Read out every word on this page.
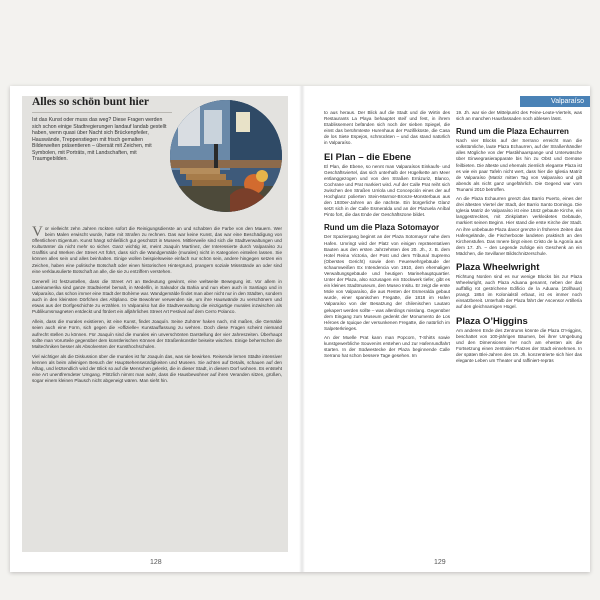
Alles so schön bunt hier

Ist das Kunst oder muss das weg? Diese Fragen werden sich schon einige Stadtregierungen landauf landab gestellt haben, wenn quasi über Nacht sich Brückenpfeiler, Hauswände, Treppenstiegen mit frisch gemalten Bilderwelten präsentieren – übersät mit Zeichen, mit Symbolen, mit Porträts, mit Landschaften, mit Traumgebilden.

Vor vielleicht zehn Jahren rückten sofort die Reinigungsdienste an und schabten die Farbe von den Mauern. Wer beim Malen erwischt wurde, hatte mit Strafen zu rechnen. Das war keine Kunst, das war eine Beschädigung von öffentlichem Eigentum. Kunst hängt schließlich gut geschützt in Museen. Mittlerweile sind sich die Stadtverwaltungen und Kulturämter da nicht mehr so sicher. Ganz wichtig ist, meint Joaquín Martínez, der Interessierte durch Valparaíso zu Graffitis und Werken der Street Art führt, dass sich die Wandgemälde (murales) nicht in Kategorien einteilen lassen. Sie können alles sein und alles beinhalten. Einige wollen beispielsweise einfach nur schön sein, andere hingegen setzen ein Zeichen, haben eine politische Botschaft oder einen historischen Hintergrund, prangern soziale Missstände an oder sind eine verklausulierte Botschaft an alle, die sie zu entziffern verstehen.

Generell ist festzustellen, dass die Street Art an Bedeutung gewinnt, eine weltweite Bewegung ist. Vor allem in Lateinamerika sind ganze Stadtviertel bemalt, in Medellín, in Salvador da Bahia und nun eben auch in Santiago und in Valparaíso, das schon immer eine Stadt der Bohème war. Wandgemälde findet man aber nicht nur in den Städten, sondern auch in den kleinsten Dörfchen des Altiplano. Die Bewohner verwenden sie, um ihre Hauswände zu verschönern und etwas aus der Dorfgeschichte zu erzählen. In Valparaíso hat die Stadtverwaltung die einzigartige murales inzwischen als Publikumsmagneten entdeckt und fördert ein alljährliches Street Art Festival auf dem Cerro Polanco.

Allein, dass die murales existieren, ist eine Kunst, findet Joaquín. Seine Zuhörer haken nach, mit maßen, die Gemälde seien auch eine Form, sich gegen die »offizielle« Kunstauffassung zu wehren. Doch diese Fragen scheint niemand aufrecht stellen zu können. Für Joaquín sind die murales ein unverschönten Darstellung der vier Jahreszeiten. Überhaupt sollte man Vorurteile gegenüber dem künstlerischen Können der Straßenkünstler beiseite wischen. Einige beherrschen die Maltechniken besser als Absolventen der Kunsthochschulen.

Viel wichtiger als die Diskussion über die murales ist für Joaquín das, was sie bewirken. Reisende lernen Städte intensiver kennen als beim alleinigen Besuch der Hauptsehenswürdigkeiten und Museen. Sie achten auf Details, schauen auf den Alltag, und letztendlich wird der Blick so auf die Menschen gelenkt, die in dieser Stadt, in diesem Dorf wohnen. Es entsteht eine Art unentfremdeter Umgang. Plötzlich nimmt man wahr, dass die Hausbewohner auf ihren Veranden sitzen, grüßen, sogar einem kleinen Plausch nicht abgeneigt wären. Man sieht hin.

128
Valparaíso

to aus heraus. Der Blick auf die Stadt und die Wirtin des Restaurants La Playa behauptet steif und fest, in ihrem Etablissement befänden sich noch der sieben Spiegel, die einst das berühmteste Hurenhaus der Pazifikküste, die Casa de los Siete Espejos, schmückten – und das stand natürlich in Valparaíso.

El Plan – die Ebene

El Plan, die Ebene, so nennt man Valparaísos Einkaufs- und Geschäftsviertel, das sich unterhalb der Hügelkette am Meer entlanggezogen und von den Straßen Errázuriz, Blanco, Cochrane und Prat markiert wird. Auf der Calle Prat reiht sich zwischen den Straßen Urriola und Concepción eines der auf Hochglanz polierten Stein-Marmor-Bronze-Monsterbaus aus den 1930er-Jahren an die nächste. Ein bürgerliche Glanz setzt sich in der Calle Esmeralda und an der Plazuela Aníbal Pinto fort, die das Ende der Geschäftszone bildet.

Rund um die Plaza Sotomayor

Der Spaziergang beginnt an der Plaza Sotomayor nahe dem Hafen. Umringt wird der Platz von einigen repräsentativen Bauten aus den ersten Jahrzehnten des 20. Jh., z. B. dem Hotel Reina Victoria, der Post und dem Tribunal Supremo (Oberstes Gericht) sowie dem Feuerwehrgebäude der schaumweißen Ex Intendencia von 1910, dem ehemaligen Verwaltungsgebäude und heutigen Marinehauptquartier. Unter der Plaza, also sozusagen ein Stockwerk tiefer, gibt es ein kleines Stadtmuseum, den Museo Insitu. Er zeigt die erste Mole von Valparaíso, die aus Resten der Esmeralda gebaut wurde, einer spanischen Fregatte, die 1818 im Hafen Valparaíso von der Besatzung der chilenischen Lautaro gekapert werden sollte – was allerdings misslang. Gegenüber dem Eingang zum Museum gedenkt der Monumento de Los Héroes de Iquique der versunkenen Fregatte, die natürlich im Salpeterkrieges.

An der Muelle Prat kann man Popcorn, T-Shirts sowie kunstgewerbliche Souvenirs erstehen und zur Hafenrundfahrt starten. In der Südwestecke der Plaza beginnende Calle Serrano hat schon bessere Tage gesehen. Im

19. Jh. war sie der Mittelpunkt des Feine-Leute-Viertels, was sich an manchen Hausfassaden noch ablesen lässt.

Rund um die Plaza Echaurren

Nach vier Blocks auf der Serrano erreicht man die volkstümliche, laute Plaza Echaurren, auf der Straßenhändler alles Mögliche von der Plastikhaarspange und Unterwäsche über Einwegrasierapparate bis hin zu Obst und Gemüse feilbieten. Die älteste und ehemals ziemlich elegante Plaza ist es wie ein paar Tafeln nicht wert, dass hier die Iglesia Matriz de Valparaíso (Matriz mitten Tag von Valparaíso und gilt abends als nicht ganz ungefährlich. Die Gegend war vom Tsunami 2010 betroffen.

An die Plaza Echaurren grenzt das Barrio Puerto, eines der drei ältesten Viertel der Stadt, der Barrio Santo Domingo. Die Iglesia Matriz de Valparaíso ist eine 1842 gebaute Kirche, ein langgestrecktes, mit Zinkplatten verkleidetes Gebäude, markiert seinen Beginn. Hier stand die erste Kirche der Stadt. An ihre unbebaute Plaza davor grenzte in früheren Zeiten das Hafengelände, die Fischerboote landeten praktisch an den Kirchenstufen. Das Innere birgt einen Cristo de la Agonía aus dem 17. Jh. – den Legende zufolge ein Geschenk an ein Mädchen, die Sevillaner Bildschnitzerschule.

Plaza Wheelwright

Richtung Norden sind es nur wenige Blocks bis zur Plaza Wheelwright, auch Plaza Aduana genannt, neben der das auffällig rot gestrichene Edificio de la Aduana (Zollhaus) prangt. 1854 im Kolonialstil erbaut, ist es immer noch einsatzbereit. Unterhalb der Plaza fährt der Ascensor Artillería auf den gleichnamigen Hügel.

Plaza O’Higgins

Am anderen Ende des Zentrums könnte die Plaza O’Higgins, beschattet von 100-jährigen Bäumen, bei ihrer Umgebung und den Dimensionen her noch am ehesten als die Fortsetzung einen zentralen Platzes der Stadt einnehmen. In der späten Blei-Jahren des 19. Jh. konzentrierte sich hier das elegante Leben um Theater und raffiniert-repräs

129
